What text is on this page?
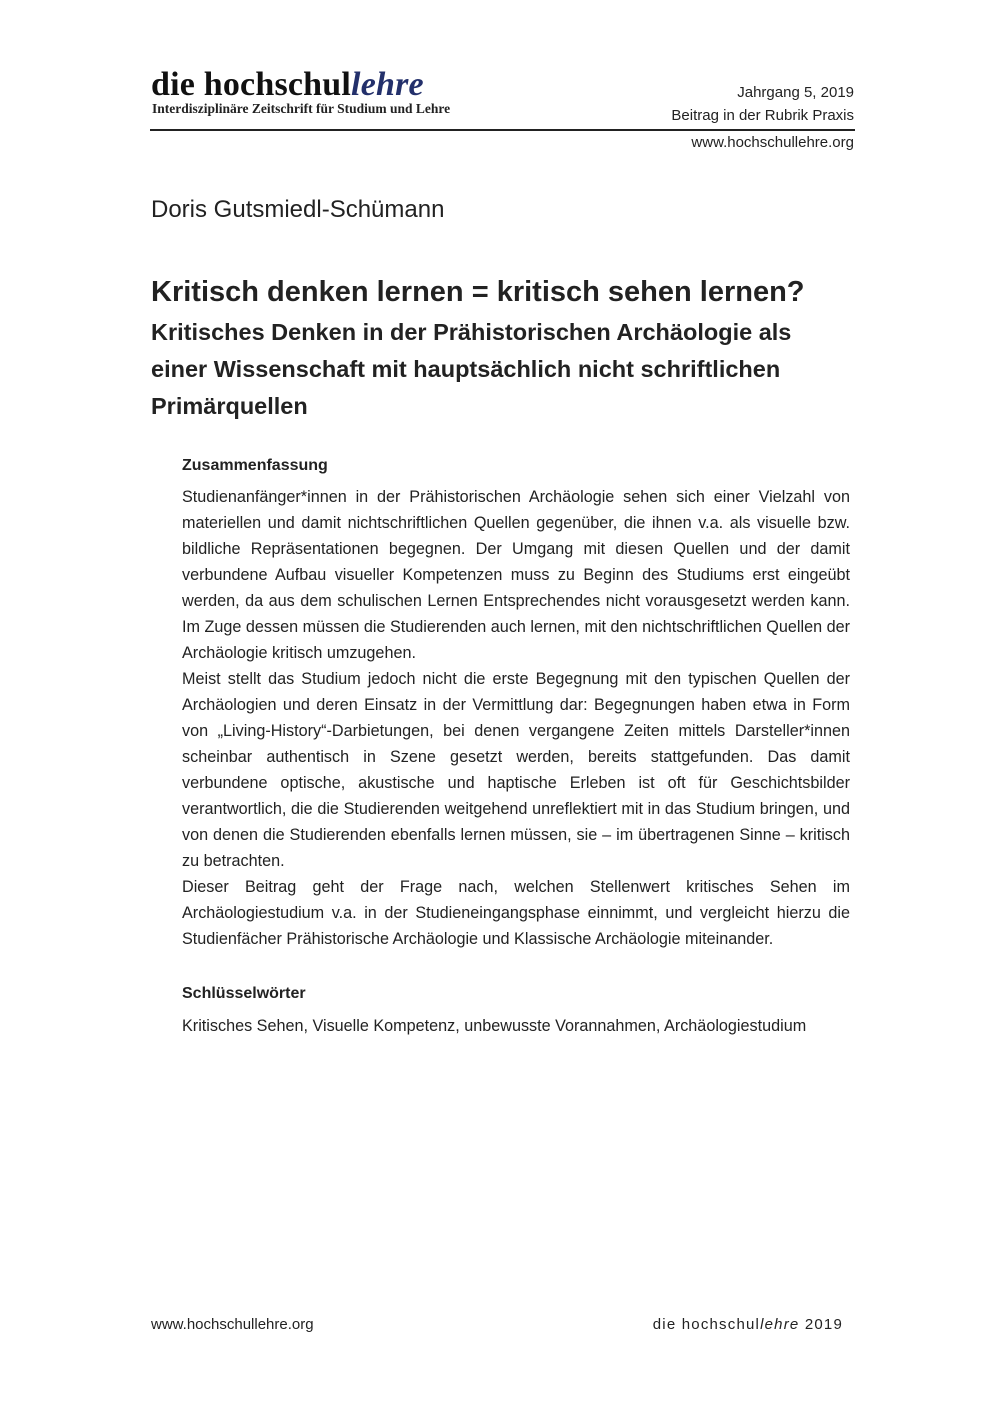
die hochschullehre
Interdisziplinäre Zeitschrift für Studium und Lehre
Jahrgang 5, 2019
Beitrag in der Rubrik Praxis
www.hochschullehre.org
Doris Gutsmiedl-Schümann
Kritisch denken lernen = kritisch sehen lernen?
Kritisches Denken in der Prähistorischen Archäologie als einer Wissenschaft mit hauptsächlich nicht schriftlichen Primärquellen
Zusammenfassung

Studienanfänger*innen in der Prähistorischen Archäologie sehen sich einer Vielzahl von materiellen und damit nichtschriftlichen Quellen gegenüber, die ihnen v.a. als visuelle bzw. bildliche Repräsentationen begegnen. Der Umgang mit diesen Quellen und der damit verbundene Aufbau visueller Kompetenzen muss zu Beginn des Studiums erst eingeübt werden, da aus dem schulischen Lernen Entsprechendes nicht vorausgesetzt werden kann. Im Zuge dessen müssen die Studierenden auch lernen, mit den nichtschriftlichen Quellen der Archäologie kritisch umzugehen.

Meist stellt das Studium jedoch nicht die erste Begegnung mit den typischen Quellen der Archäologien und deren Einsatz in der Vermittlung dar: Begegnungen haben etwa in Form von „Living-History“-Darbietungen, bei denen vergangene Zeiten mittels Darsteller*innen scheinbar authentisch in Szene gesetzt werden, bereits stattgefunden. Das damit verbundene optische, akustische und haptische Erleben ist oft für Geschichtsbilder verantwortlich, die die Studierenden weitgehend unreflektiert mit in das Studium bringen, und von denen die Studierenden ebenfalls lernen müssen, sie – im übertragenen Sinne – kritisch zu betrachten.

Dieser Beitrag geht der Frage nach, welchen Stellenwert kritisches Sehen im Archäologiestudium v.a. in der Studieneingangsphase einnimmt, und vergleicht hierzu die Studienfächer Prähistorische Archäologie und Klassische Archäologie miteinander.

Schlüsselwörter
Kritisches Sehen, Visuelle Kompetenz, unbewusste Vorannahmen, Archäologiestudium
www.hochschullehre.org	die hochschullehre 2019
